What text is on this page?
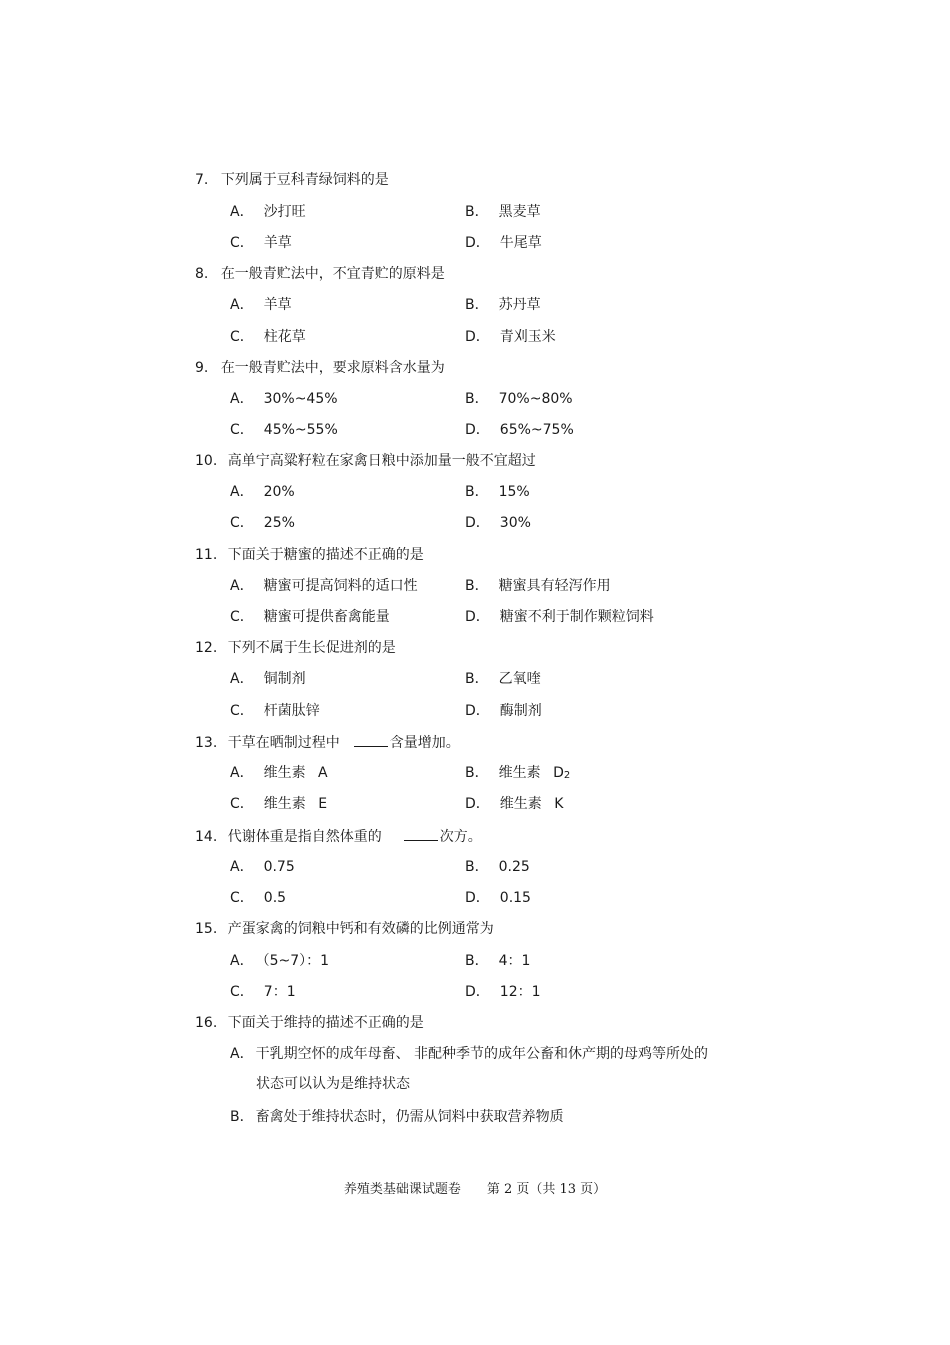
7. 下列属于豆科青绿饲料的是
A． 沙打旺	B． 黑麦草
C． 羊草	D． 牛尾草
8. 在一般青贮法中，不宜青贮的原料是
A． 羊草	B． 苏丹草
C． 柱花草	D． 青刈玉米
9. 在一般青贮法中，要求原料含水量为
A． 30%~45%	B． 70%~80%
C． 45%~55%	D． 65%~75%
10. 高单宁高粱籽粒在家禽日粮中添加量一般不宜超过
A． 20%	B． 15%
C． 25%	D． 30%
11. 下面关于糖蜜的描述不正确的是
A． 糖蜜可提高饲料的适口性	B． 糖蜜具有轻泻作用
C． 糖蜜可提供畜禽能量	D． 糖蜜不利于制作颗粒饲料
12. 下列不属于生长促进剂的是
A． 铜制剂	B． 乙氧喹
C． 杆菌肽锌	D． 酶制剂
13. 干草在晒制过程中	含量增加。
A． 维生素 A	B． 维生素 D2
C． 维生素 E	D． 维生素 K
14. 代谢体重是指自然体重的	次方。
A． 0.75	B． 0.25
C． 0.5	D． 0.15
15. 产蛋家禽的饲粮中钙和有效磷的比例通常为
A． （5~7）：1	B． 4：1
C． 7：1	D． 12：1
16. 下面关于维持的描述不正确的是
A． 干乳期空怀的成年母畜、 非配种季节的成年公畜和休产期的母鸡等所处的
状态可以认为是维持状态
B． 畜禽处于维持状态时，仍需从饲料中获取营养物质
养殖类基础课试题卷 第 2 页（共 13 页）
